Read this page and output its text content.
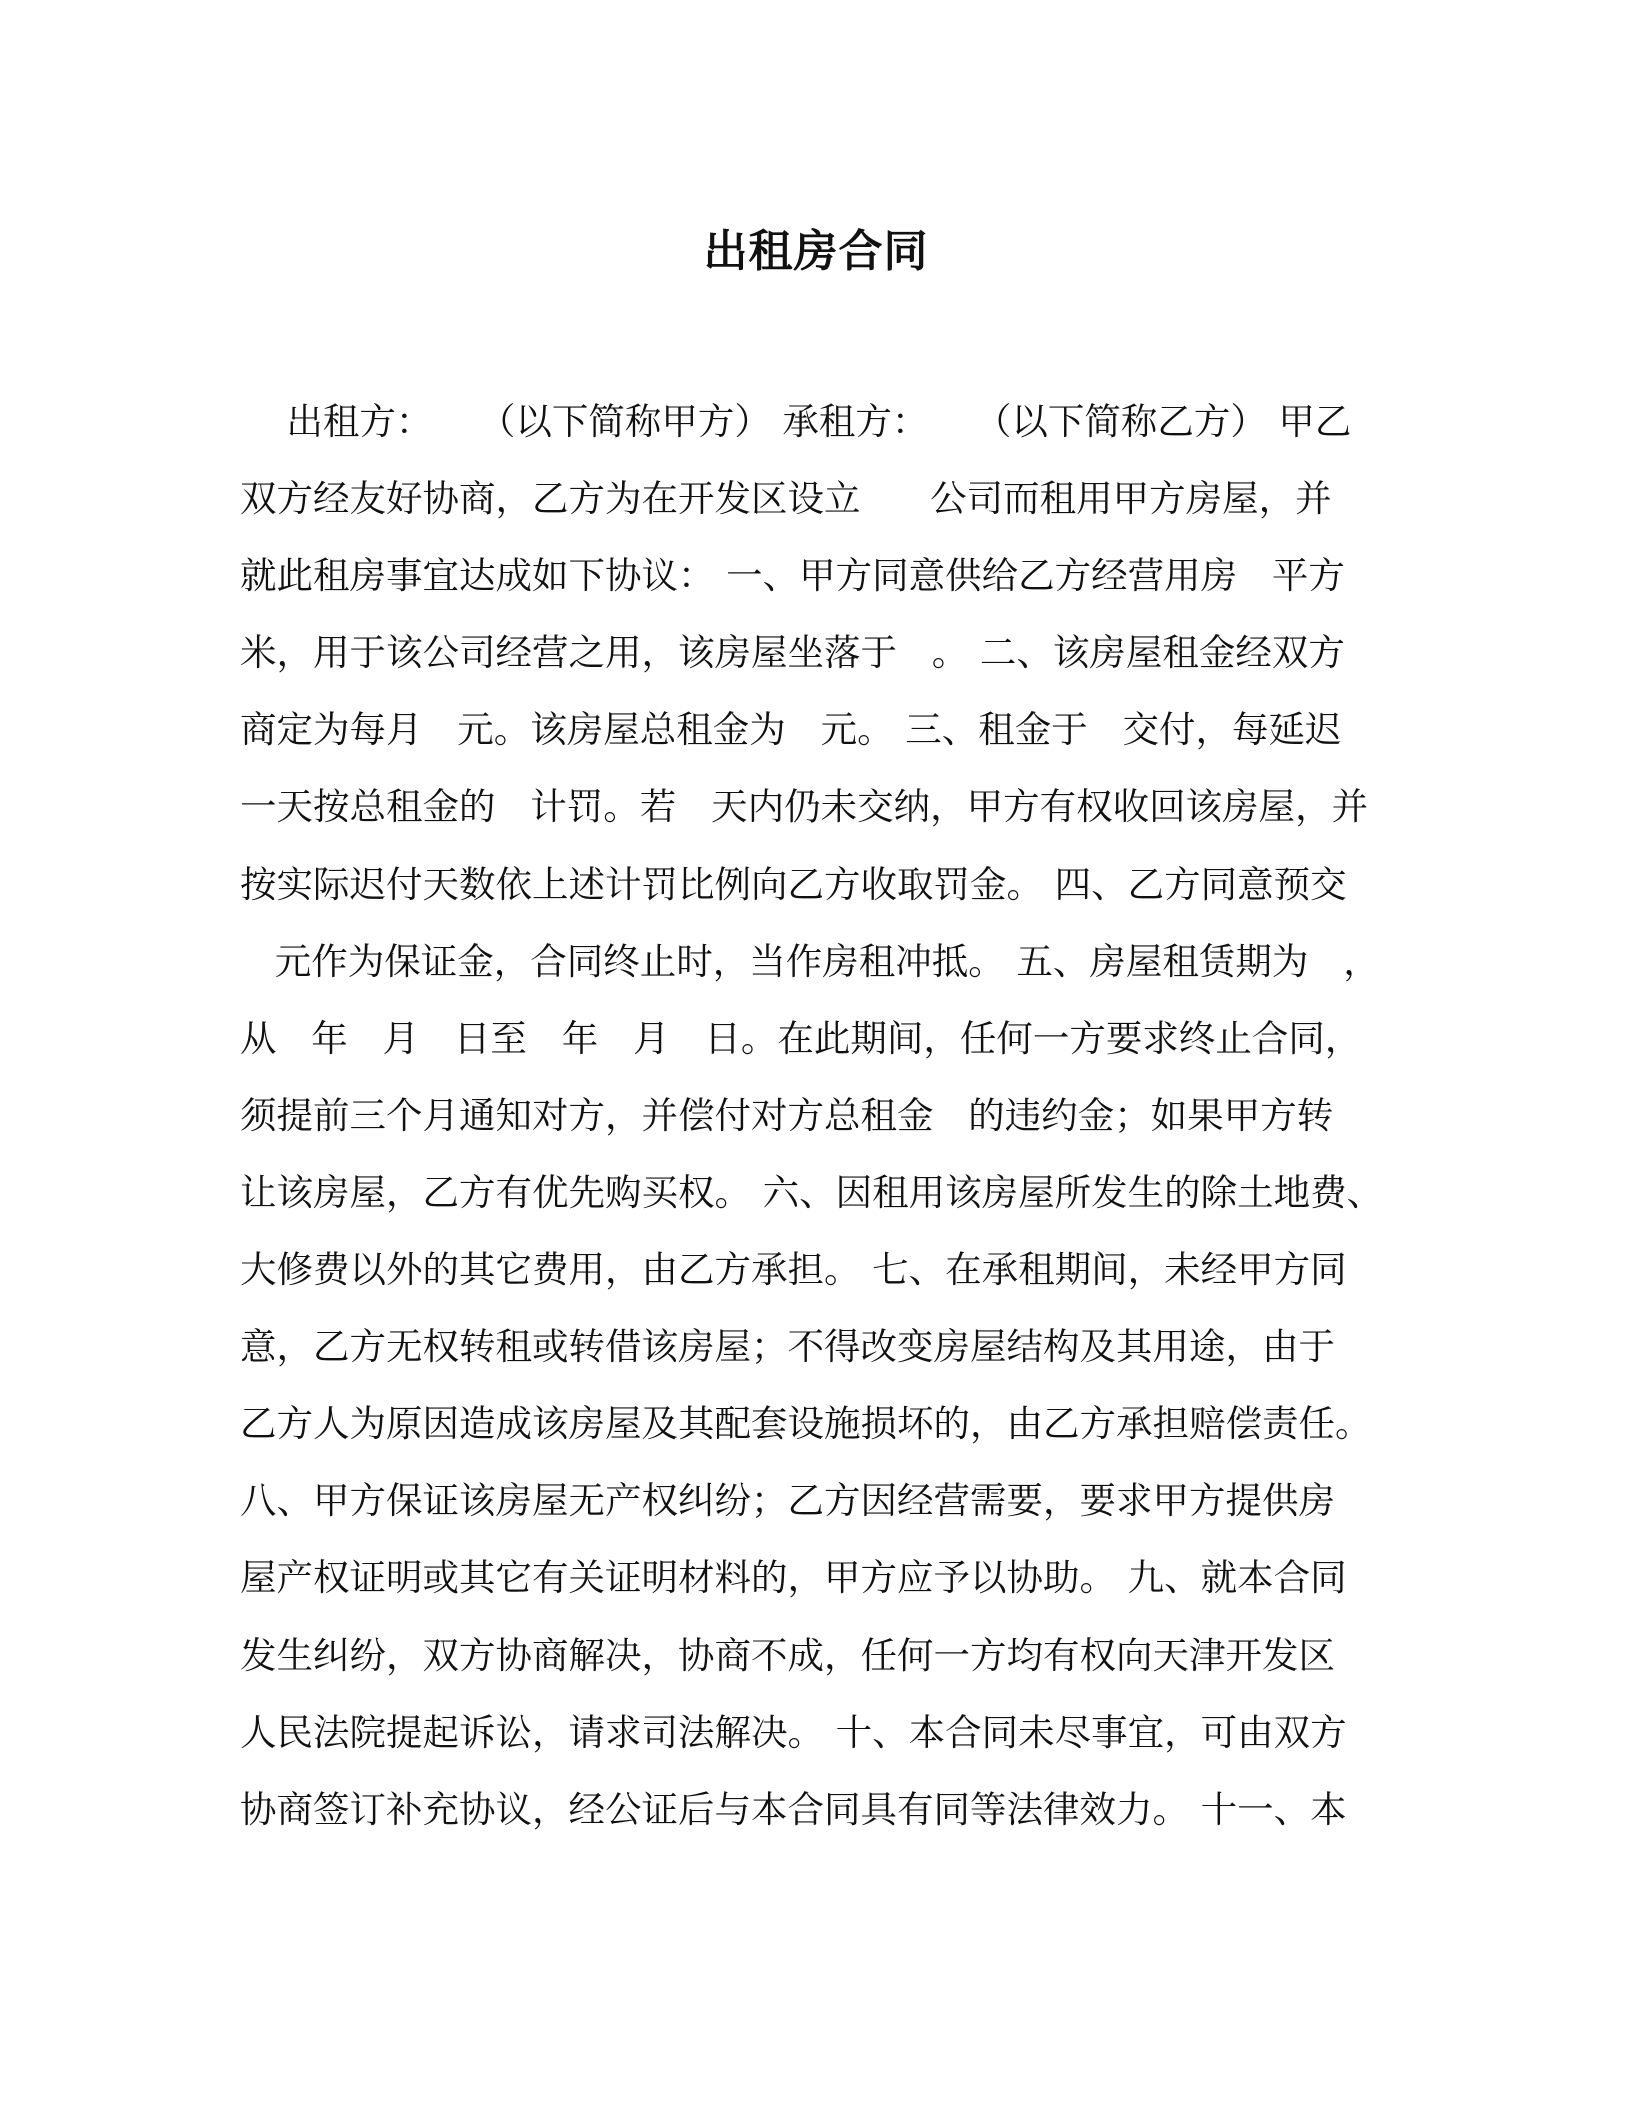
出租房合同
出租方：    （以下简称甲方） 承租方：    （以下简称乙方） 甲乙
双方经友好协商，乙方为在开发区设立      公司而租用甲方房屋，并
就此租房事宜达成如下协议： 一、甲方同意供给乙方经营用房   平方
米，用于该公司经营之用，该房屋坐落于   。 二、该房屋租金经双方
商定为每月   元。该房屋总租金为   元。 三、租金于   交付，每延迟
一天按总租金的   计罚。若   天内仍未交纳，甲方有权收回该房屋，并
按实际迟付天数依上述计罚比例向乙方收取罚金。 四、乙方同意预交
元作为保证金，合同终止时，当作房租冲抵。 五、房屋租赁期为   ，
从   年   月   日至   年   月   日。在此期间，任何一方要求终止合同，
须提前三个月通知对方，并偿付对方总租金   的违约金；如果甲方转
让该房屋，乙方有优先购买权。 六、因租用该房屋所发生的除土地费、
大修费以外的其它费用，由乙方承担。 七、在承租期间，未经甲方同
意，乙方无权转租或转借该房屋；不得改变房屋结构及其用途，由于
乙方人为原因造成该房屋及其配套设施损坏的，由乙方承担赔偿责任。
八、甲方保证该房屋无产权纠纷；乙方因经营需要，要求甲方提供房
屋产权证明或其它有关证明材料的，甲方应予以协助。 九、就本合同
发生纠纷，双方协商解决，协商不成，任何一方均有权向天津开发区
人民法院提起诉讼，请求司法解决。 十、本合同未尽事宜，可由双方
协商签订补充协议，经公证后与本合同具有同等法律效力。 十一、本
